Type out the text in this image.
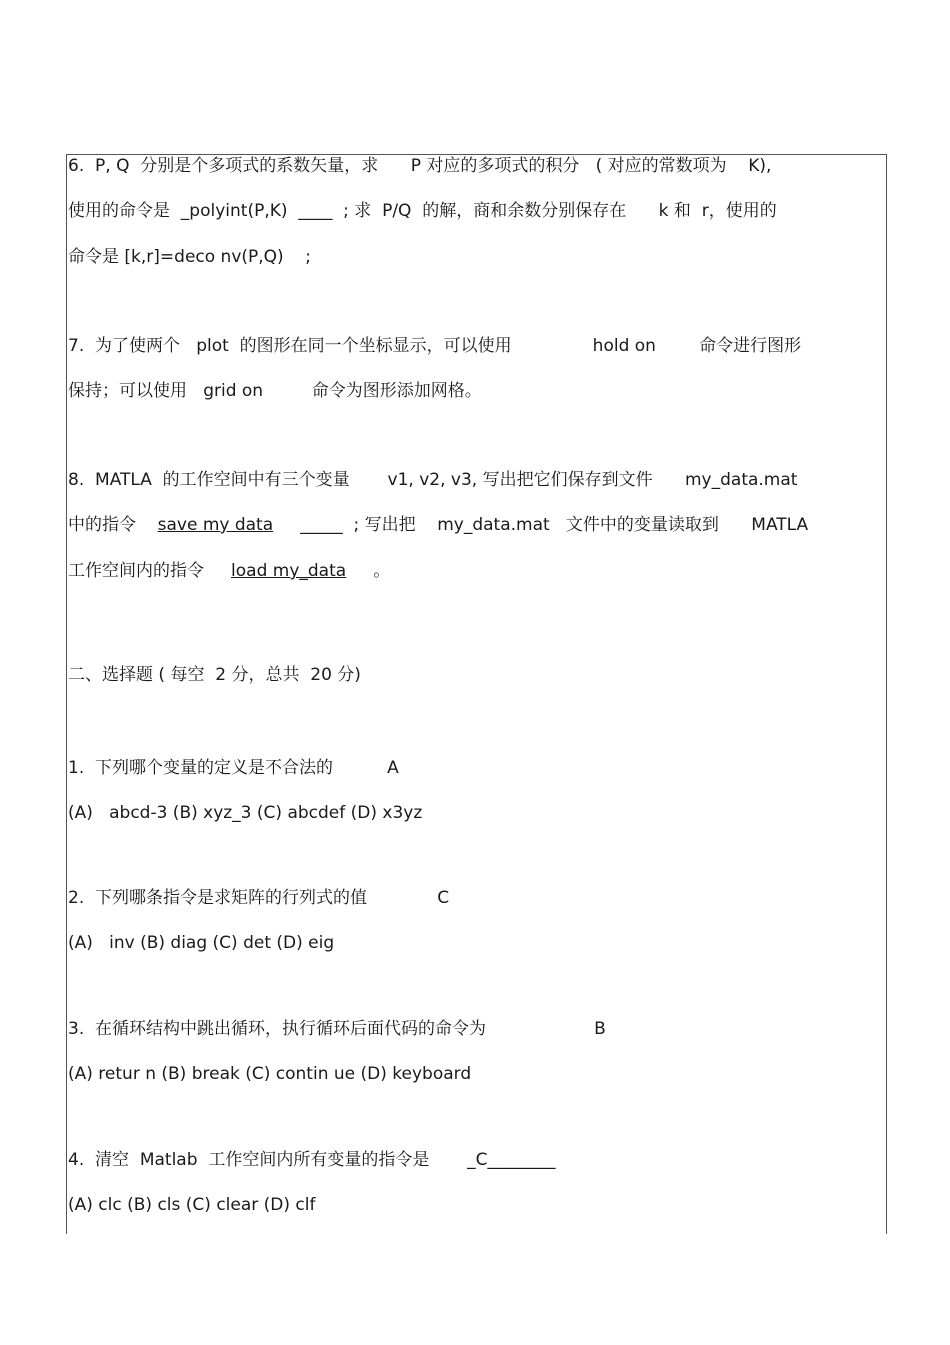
6.  P, Q  分别是个多项式的系数矢量，求      P 对应的多项式的积分   ( 对应的常数项为    K),
使用的命令是  _polyint(P,K)  ____  ; 求  P/Q  的解，商和余数分别保存在      k 和  r，使用的
命令是 [k,r]=deco nv(P,Q)    ;
7.  为了使两个   plot  的图形在同一个坐标显示，可以使用               hold on        命令进行图形
保持；可以使用   grid on         命令为图形添加网格。
8.  MATLA  的工作空间中有三个变量       v1, v2, v3, 写出把它们保存到文件      my_data.mat
中的指令    save my data     _____  ; 写出把    my_data.mat   文件中的变量读取到      MATLA
工作空间内的指令     load my_data     。
二、选择题 ( 每空  2 分，总共  20 分)
1.  下列哪个变量的定义是不合法的          A
(A)   abcd-3 (B) xyz_3 (C) abcdef (D) x3yz
2.  下列哪条指令是求矩阵的行列式的值             C
(A)   inv (B) diag (C) det (D) eig
3.  在循环结构中跳出循环，执行循环后面代码的命令为                    B
(A) retur n (B) break (C) contin ue (D) keyboard
4.  清空  Matlab  工作空间内所有变量的指令是       _C________
(A) clc (B) cls (C) clear (D) clf
